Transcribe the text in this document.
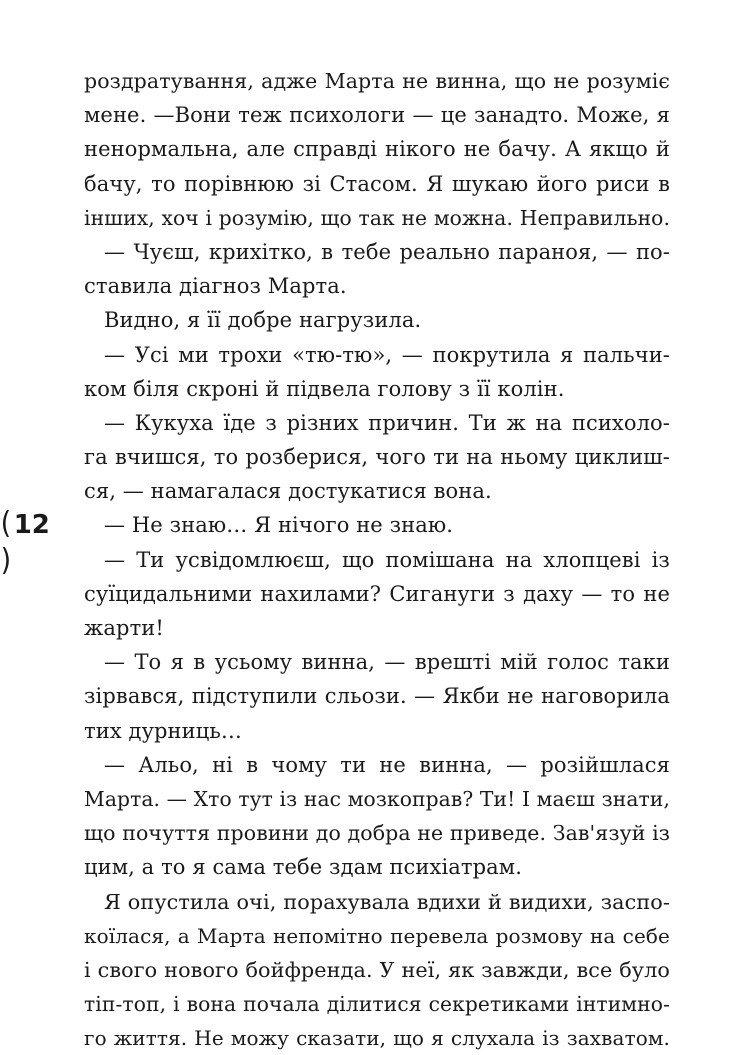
(12)
роздратування, адже Марта не винна, що не розуміє
мене. —Вони теж психологи — це занадто. Може, я
ненормальна, але справді нікого не бачу. А якщо й
бачу, то порівнюю зі Стасом. Я шукаю його риси в
інших, хоч і розумію, що так не можна. Неправильно.
— Чуєш, крихітко, в тебе реально параноя, — по-
ставила діагноз Марта.
Видно, я її добре нагрузила.
— Усі ми трохи «тю-тю», — покрутила я пальчи-
ком біля скроні й підвела голову з її колін.
— Кукуха їде з різних причин. Ти ж на психоло-
га вчишся, то розберися, чого ти на ньому циклиш-
ся, — намагалася достукатися вона.
— Не знаю… Я нічого не знаю.
— Ти усвідомлюєш, що помішана на хлопцеві із
суїцидальними нахилами? Сигануги з даху — то не
жарти!
— То я в усьому винна, — врешті мій голос таки
зірвався, підступили сльози. — Якби не наговорила
тих дурниць…
— Альо, ні в чому ти не винна, — розійшлася
Марта. — Хто тут із нас мозкоправ? Ти! І маєш знати,
що почуття провини до добра не приведе. Зав'язуй із
цим, а то я сама тебе здам психіатрам.
Я опустила очі, порахувала вдихи й видихи, заспо-
коїлася, а Марта непомітно перевела розмову на себе
і свого нового бойфренда. У неї, як завжди, все було
тіп-топ, і вона почала ділитися секретиками інтимно-
го життя. Не можу сказати, що я слухала із захватом.
